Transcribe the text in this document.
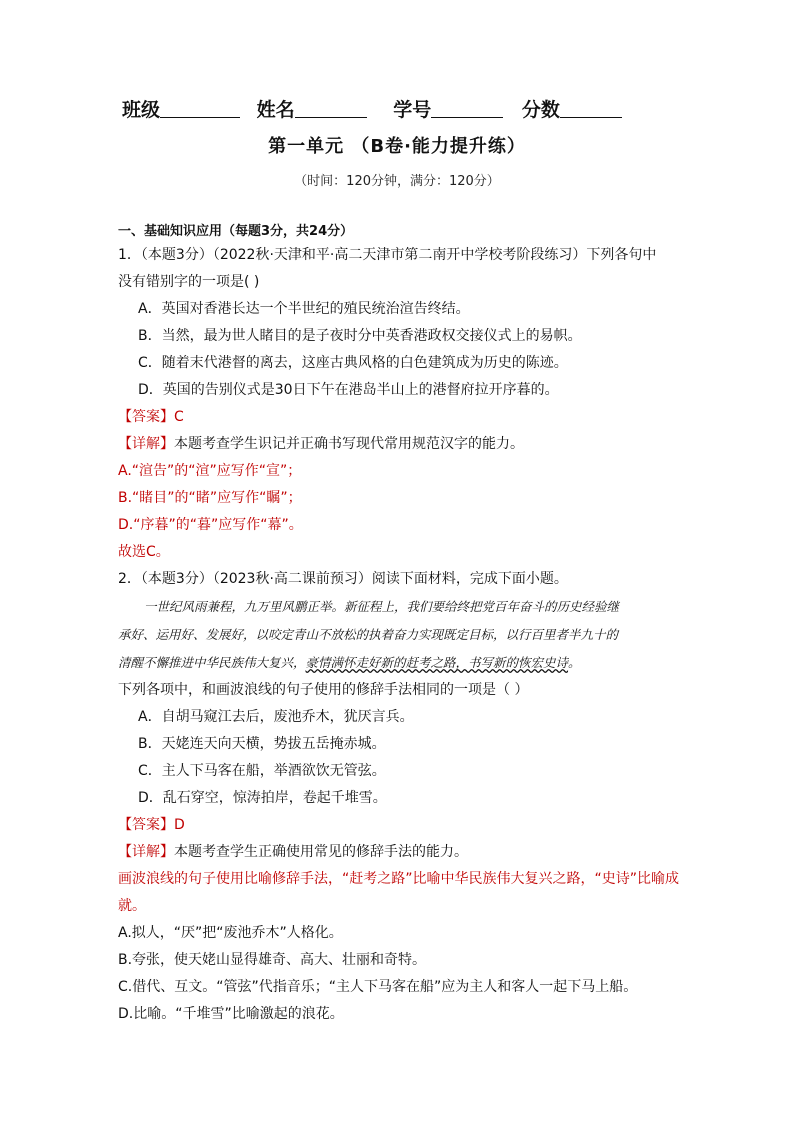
班级	姓名	学号	分数
第一单元 （B卷·能力提升练）
（时间：120分钟，满分：120分）
一、基础知识应用（每题3分，共24分）

1．（本题3分）（2022秋·天津和平·高二天津市第二南开中学校考阶段练习）下列各句中

没有错别字的一项是( )

A．英国对香港长达一个半世纪的殖民统治渲告终结。

B．当然，最为世人睹目的是子夜时分中英香港政权交接仪式上的易帜。

C．随着末代港督的离去，这座古典风格的白色建筑成为历史的陈迹。

D．英国的告别仪式是30日下午在港岛半山上的港督府拉开序暮的。

【答案】C

【详解】本题考查学生识记并正确书写现代常用规范汉字的能力。

A.“渲告”的“渲”应写作“宣”；

B.“睹目”的“睹”应写作“瞩”；

D.“序暮”的“暮”应写作“幕”。

故选C。

2．（本题3分）（2023秋·高二课前预习）阅读下面材料，完成下面小题。

一世纪风雨兼程，九万里风鹏正举。新征程上，我们要给终把党百年奋斗的历史经验继

承好、运用好、发展好，以咬定青山不放松的执着奋力实现既定目标，以行百里者半九十的

清醒不懈推进中华民族伟大复兴，豪情满怀走好新的赶考之路，书写新的恢宏史诗。

下列各项中，和画波浪线的句子使用的修辞手法相同的一项是（ ）

A．自胡马窥江去后，废池乔木，犹厌言兵。

B．天姥连天向天横，势拔五岳掩赤城。

C．主人下马客在船，举酒欲饮无管弦。

D．乱石穿空，惊涛拍岸，卷起千堆雪。

【答案】D

【详解】本题考查学生正确使用常见的修辞手法的能力。

画波浪线的句子使用比喻修辞手法，“赶考之路”比喻中华民族伟大复兴之路，“史诗”比喻成

就。

A.拟人，“厌”把“废池乔木”人格化。

B.夸张，使天姥山显得雄奇、高大、壮丽和奇特。

C.借代、互文。“管弦”代指音乐；“主人下马客在船”应为主人和客人一起下马上船。

D.比喻。“千堆雪”比喻激起的浪花。
